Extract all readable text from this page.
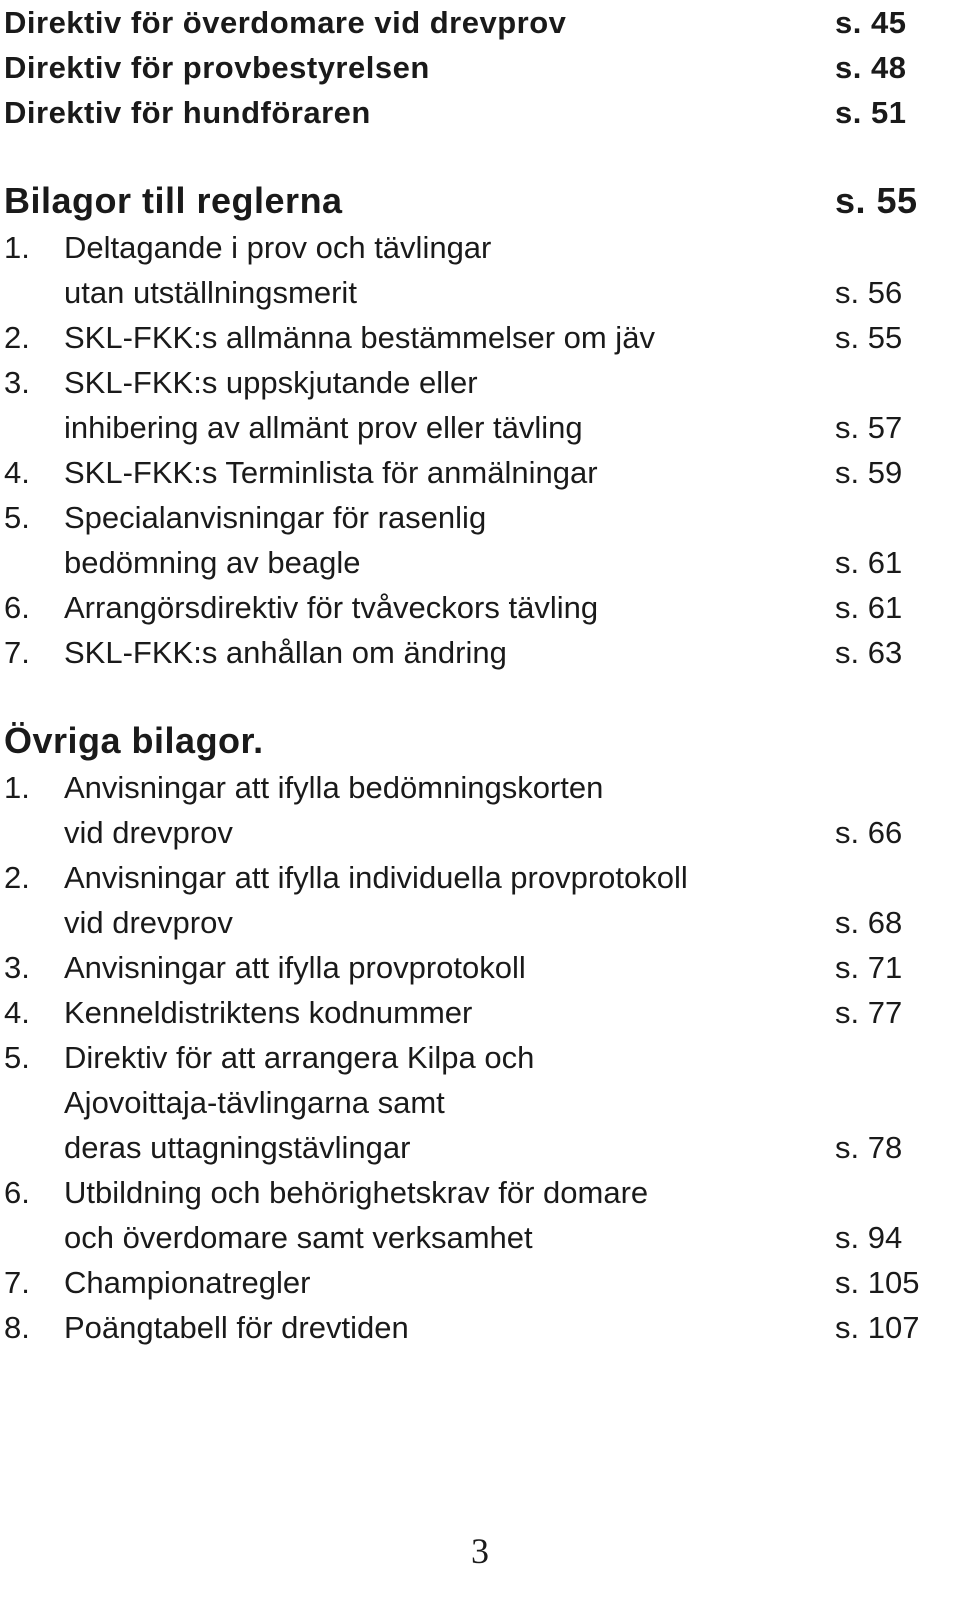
Direktiv för överdomare vid drevprov	s. 45
Direktiv för provbestyrelsen	s. 48
Direktiv för hundföraren	s. 51
Bilagor till reglerna	s. 55
1. Deltagande i prov och tävlingar
utan utställningsmerit	s. 56
2. SKL-FKK:s allmänna bestämmelser om jäv	s. 55
3. SKL-FKK:s uppskjutande eller
inhibering av allmänt prov eller tävling	s. 57
4. SKL-FKK:s Terminlista för anmälningar	s. 59
5. Specialanvisningar för rasenlig
bedömning av beagle	s. 61
6. Arrangörsdirektiv för tvåveckors tävling	s. 61
7. SKL-FKK:s anhållan om ändring	s. 63
Övriga bilagor.
1. Anvisningar att ifylla bedömningskorten
vid drevprov	s. 66
2. Anvisningar att ifylla individuella provprotokoll
vid drevprov	s. 68
3. Anvisningar att ifylla provprotokoll	s. 71
4. Kenneldistriktens kodnummer	s. 77
5. Direktiv för att arrangera Kilpa och
Ajovoittaja-tävlingarna samt
deras uttagningstävlingar	s. 78
6. Utbildning och behörighetskrav för domare
och överdomare samt verksamhet	s. 94
7. Championatregler	s. 105
8. Poängtabell för drevtiden	s. 107
3
